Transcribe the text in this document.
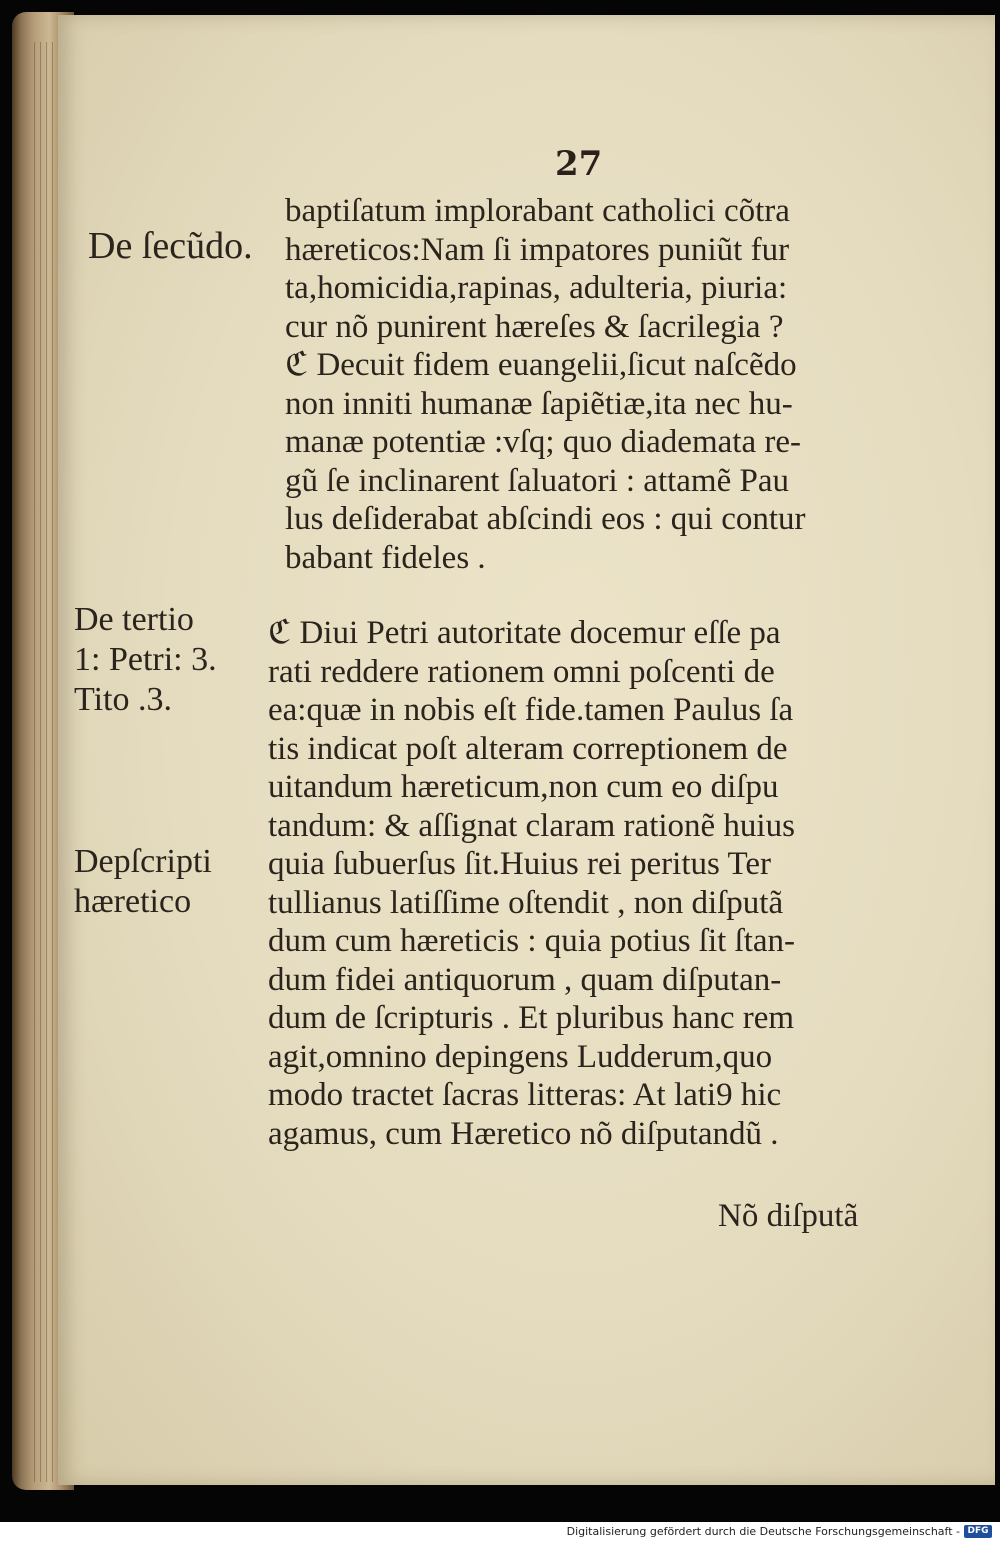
27
De ſecũdo.
De tertio
1: Petri: 3.
Tito .3.
Depſcripti
hæretico
baptiſatum implorabant catholici cõtra
hæreticos:Nam ſi impatores puniũt fur
ta,homicidia,rapinas, adulteria, piuria:
cur nõ punirent hæreſes & ſacrilegia ?
ℭ Decuit fidem euangelii,ſicut naſcẽdo
non inniti humanæ ſapiẽtiæ,ita nec hu-
manæ potentiæ :vſq; quo diademata re-
gũ ſe inclinarent ſaluatori : attamẽ Pau
lus deſiderabat abſcindi eos : qui contur
babant fideles .
ℭ Diui Petri autoritate docemur eſſe pa
rati reddere rationem omni poſcenti de
ea:quæ in nobis eſt fide.tamen Paulus ſa
tis indicat poſt alteram correptionem de
uitandum hæreticum,non cum eo diſpu
tandum: & aſſignat claram rationẽ huius
quia ſubuerſus ſit.Huius rei peritus Ter
tullianus latiſſime oſtendit , non diſputã
dum cum hæreticis : quia potius ſit ſtan-
dum fidei antiquorum , quam diſputan-
dum de ſcripturis . Et pluribus hanc rem
agit,omnino depingens Ludderum,quo
modo tractet ſacras litteras: At lati9 hic
agamus, cum Hæretico nõ diſputandũ .
Nõ diſputã
Digitalisierung gefördert durch die Deutsche Forschungsgemeinschaft - DFG
